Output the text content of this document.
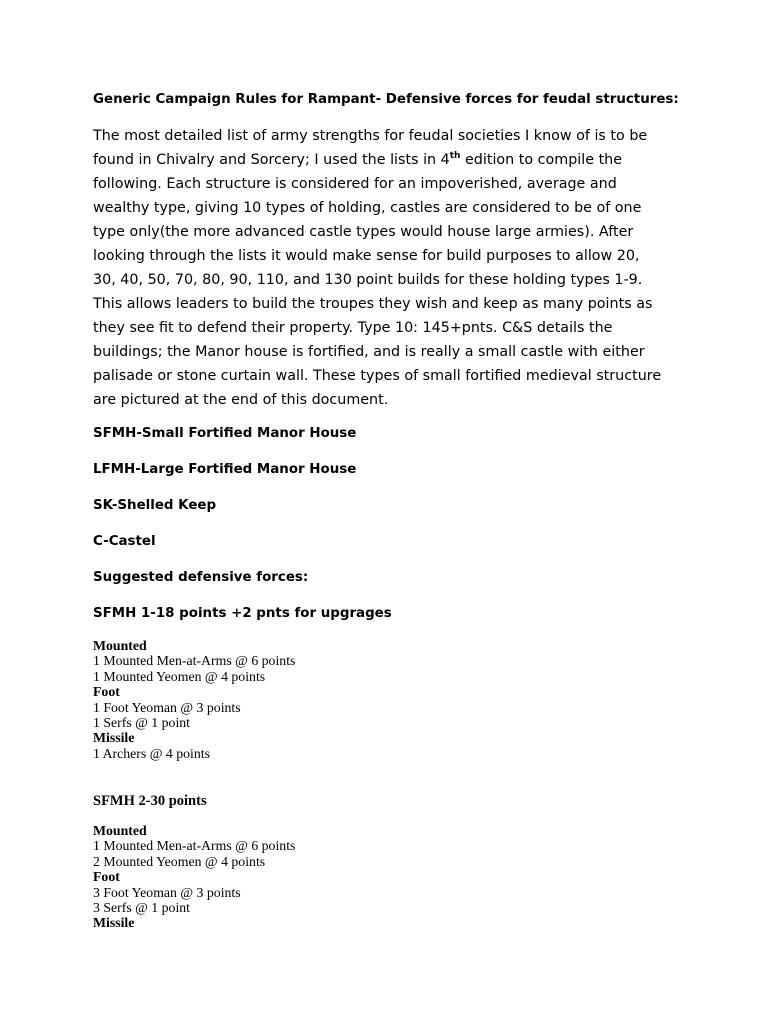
Generic Campaign Rules for Rampant- Defensive forces for feudal structures:
The most detailed list of army strengths for feudal societies I know of is to be
found in Chivalry and Sorcery; I used the lists in 4th edition to compile the
following. Each structure is considered for an impoverished, average and
wealthy type, giving 10 types of holding, castles are considered to be of one
type only(the more advanced castle types would house large armies). After
looking through the lists it would make sense for build purposes to allow 20,
30, 40, 50, 70, 80, 90, 110, and 130 point builds for these holding types 1-9.
This allows leaders to build the troupes they wish and keep as many points as
they see fit to defend their property. Type 10: 145+pnts. C&S details the
buildings; the Manor house is fortified, and is really a small castle with either
palisade or stone curtain wall. These types of small fortified medieval structure
are pictured at the end of this document.
SFMH-Small Fortified Manor House
LFMH-Large Fortified Manor House
SK-Shelled Keep
C-Castel
Suggested defensive forces:
SFMH 1-18 points +2 pnts for upgrages
Mounted
1 Mounted Men-at-Arms @ 6 points
1 Mounted Yeomen @ 4 points
Foot
1 Foot Yeoman @ 3 points
1 Serfs @ 1 point
Missile
1 Archers @ 4 points
SFMH 2-30 points
Mounted
1 Mounted Men-at-Arms @ 6 points
2 Mounted Yeomen @ 4 points
Foot
3 Foot Yeoman @ 3 points
3 Serfs @ 1 point
Missile
